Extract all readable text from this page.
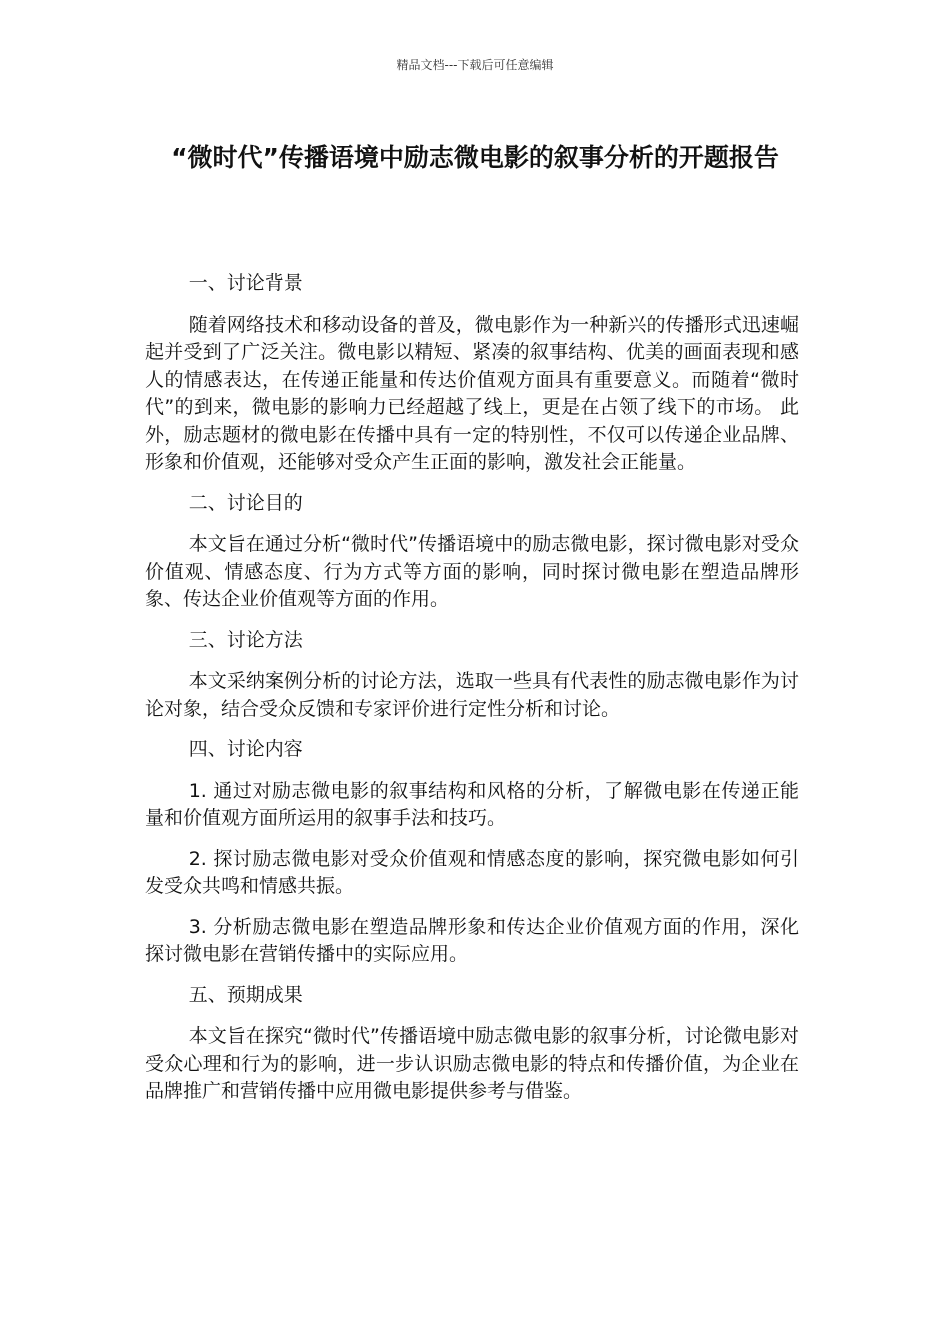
精品文档---下载后可任意编辑
“微时代”传播语境中励志微电影的叙事分析的开题报告

一、讨论背景

随着网络技术和移动设备的普及，微电影作为一种新兴的传播形式迅速崛起并受到了广泛关注。微电影以精短、紧凑的叙事结构、优美的画面表现和感人的情感表达，在传递正能量和传达价值观方面具有重要意义。而随着“微时代”的到来，微电影的影响力已经超越了线上，更是在占领了线下的市场。 此外，励志题材的微电影在传播中具有一定的特别性，不仅可以传递企业品牌、形象和价值观，还能够对受众产生正面的影响，激发社会正能量。

二、讨论目的

本文旨在通过分析“微时代”传播语境中的励志微电影，探讨微电影对受众价值观、情感态度、行为方式等方面的影响，同时探讨微电影在塑造品牌形象、传达企业价值观等方面的作用。

三、讨论方法

本文采纳案例分析的讨论方法，选取一些具有代表性的励志微电影作为讨论对象，结合受众反馈和专家评价进行定性分析和讨论。

四、讨论内容

1. 通过对励志微电影的叙事结构和风格的分析，了解微电影在传递正能量和价值观方面所运用的叙事手法和技巧。

2. 探讨励志微电影对受众价值观和情感态度的影响，探究微电影如何引发受众共鸣和情感共振。

3. 分析励志微电影在塑造品牌形象和传达企业价值观方面的作用，深化探讨微电影在营销传播中的实际应用。

五、预期成果

本文旨在探究“微时代”传播语境中励志微电影的叙事分析，讨论微电影对受众心理和行为的影响，进一步认识励志微电影的特点和传播价值，为企业在品牌推广和营销传播中应用微电影提供参考与借鉴。
